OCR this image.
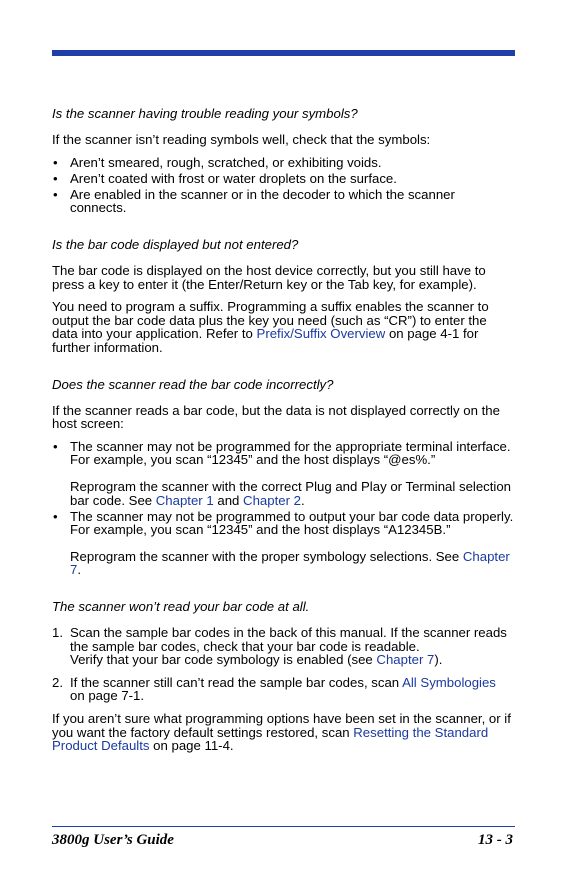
Is the scanner having trouble reading your symbols?

If the scanner isn’t reading symbols well, check that the symbols:

• Aren’t smeared, rough, scratched, or exhibiting voids.
• Aren’t coated with frost or water droplets on the surface.
• Are enabled in the scanner or in the decoder to which the scanner connects.
Is the bar code displayed but not entered?

The bar code is displayed on the host device correctly, but you still have to press a key to enter it (the Enter/Return key or the Tab key, for example).

You need to program a suffix. Programming a suffix enables the scanner to output the bar code data plus the key you need (such as “CR”) to enter the data into your application. Refer to Prefix/Suffix Overview on page 4-1 for further information.

Does the scanner read the bar code incorrectly?

If the scanner reads a bar code, but the data is not displayed correctly on the host screen:

• The scanner may not be programmed for the appropriate terminal interface. For example, you scan “12345” and the host displays “@es%.”
Reprogram the scanner with the correct Plug and Play or Terminal selection bar code. See Chapter 1 and Chapter 2.
• The scanner may not be programmed to output your bar code data properly. For example, you scan “12345” and the host displays “A12345B.”
Reprogram the scanner with the proper symbology selections. See Chapter 7.
The scanner won’t read your bar code at all.
1. Scan the sample bar codes in the back of this manual. If the scanner reads the sample bar codes, check that your bar code is readable.
Verify that your bar code symbology is enabled (see Chapter 7).
2. If the scanner still can’t read the sample bar codes, scan All Symbologies on page 7-1.

If you aren’t sure what programming options have been set in the scanner, or if you want the factory default settings restored, scan Resetting the Standard Product Defaults on page 11-4.

3800g User’s Guide	13 - 3
